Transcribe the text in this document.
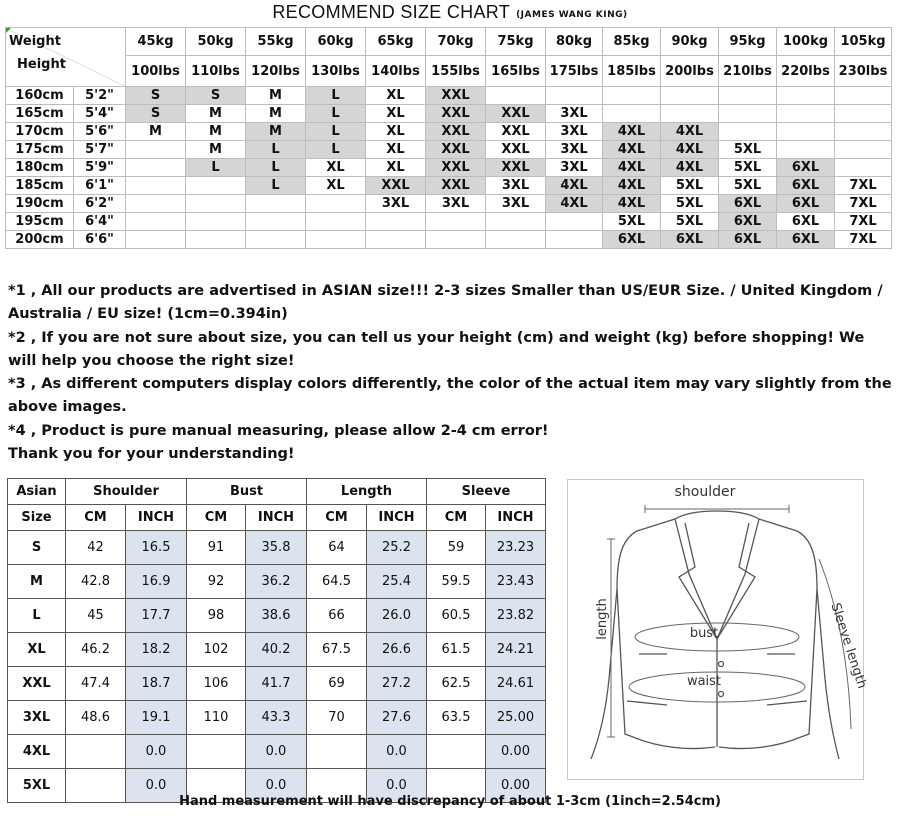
RECOMMEND SIZE CHART (JAMES WANG KING)
Weight
Height		45kg	50kg	55kg	60kg	65kg	70kg	75kg	80kg	85kg	90kg	95kg	100kg	105kg
		100lbs	110lbs	120lbs	130lbs	140lbs	155lbs	165lbs	175lbs	185lbs	200lbs	210lbs	220lbs	230lbs
160cm	5'2"	S	S	M	L	XL	XXL							
165cm	5'4"	S	M	M	L	XL	XXL	XXL	3XL					
170cm	5'6"	M	M	M	L	XL	XXL	XXL	3XL	4XL	4XL			
175cm	5'7"		M	L	L	XL	XXL	XXL	3XL	4XL	4XL	5XL		
180cm	5'9"		L	L	XL	XL	XXL	XXL	3XL	4XL	4XL	5XL	6XL	
185cm	6'1"			L	XL	XXL	XXL	3XL	4XL	4XL	5XL	5XL	6XL	7XL
190cm	6'2"					3XL	3XL	3XL	4XL	4XL	5XL	6XL	6XL	7XL
195cm	6'4"									5XL	5XL	6XL	6XL	7XL
200cm	6'6"									6XL	6XL	6XL	6XL	7XL

*1 , All our products are advertised in ASIAN size!!! 2-3 sizes Smaller than US/EUR Size. / United Kingdom / Australia / EU size! (1cm=0.394in)

*2 , If you are not sure about size, you can tell us your height (cm) and weight (kg) before shopping! We will help you choose the right size!

*3 , As different computers display colors differently, the color of the actual item may vary slightly from the above images.

*4 , Product is pure manual measuring, please allow 2-4 cm error!

Thank you for your understanding!

Asian	Shoulder		Bust		Length		Sleeve	
Size	CM	INCH	CM	INCH	CM	INCH	CM	INCH
S	42	16.5	91	35.8	64	25.2	59	23.23
M	42.8	16.9	92	36.2	64.5	25.4	59.5	23.43
L	45	17.7	98	38.6	66	26.0	60.5	23.82
XL	46.2	18.2	102	40.2	67.5	26.6	61.5	24.21
XXL	47.4	18.7	106	41.7	69	27.2	62.5	24.61
3XL	48.6	19.1	110	43.3	70	27.6	63.5	25.00
4XL		0.0		0.0		0.0		0.00
5XL		0.0		0.0		0.0		0.00
shoulder
length	bust
waist	Sleeve length
Hand measurement will have discrepancy of about 1-3cm (1inch=2.54cm)
